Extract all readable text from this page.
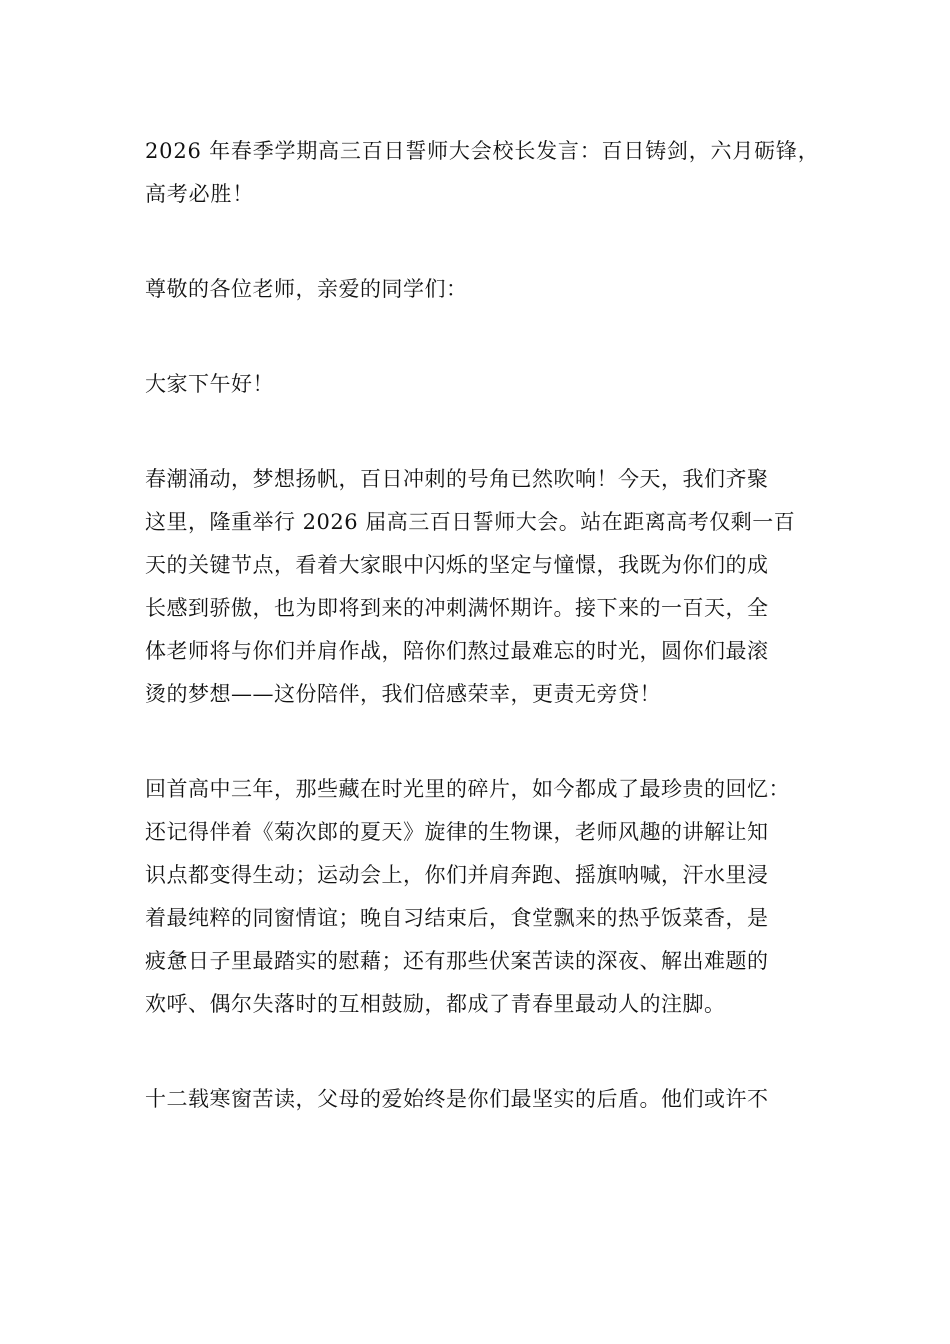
2026 年春季学期高三百日誓师大会校长发言：百日铸剑，六月砺锋，
高考必胜！
尊敬的各位老师，亲爱的同学们：
大家下午好！
春潮涌动，梦想扬帆，百日冲刺的号角已然吹响！今天，我们齐聚
这里，隆重举行 2026 届高三百日誓师大会。站在距离高考仅剩一百
天的关键节点，看着大家眼中闪烁的坚定与憧憬，我既为你们的成
长感到骄傲，也为即将到来的冲刺满怀期许。接下来的一百天，全
体老师将与你们并肩作战，陪你们熬过最难忘的时光，圆你们最滚
烫的梦想——这份陪伴，我们倍感荣幸，更责无旁贷！
回首高中三年，那些藏在时光里的碎片，如今都成了最珍贵的回忆：
还记得伴着《菊次郎的夏天》旋律的生物课，老师风趣的讲解让知
识点都变得生动；运动会上，你们并肩奔跑、摇旗呐喊，汗水里浸
着最纯粹的同窗情谊；晚自习结束后，食堂飘来的热乎饭菜香，是
疲惫日子里最踏实的慰藉；还有那些伏案苦读的深夜、解出难题的
欢呼、偶尔失落时的互相鼓励，都成了青春里最动人的注脚。
十二载寒窗苦读，父母的爱始终是你们最坚实的后盾。他们或许不
